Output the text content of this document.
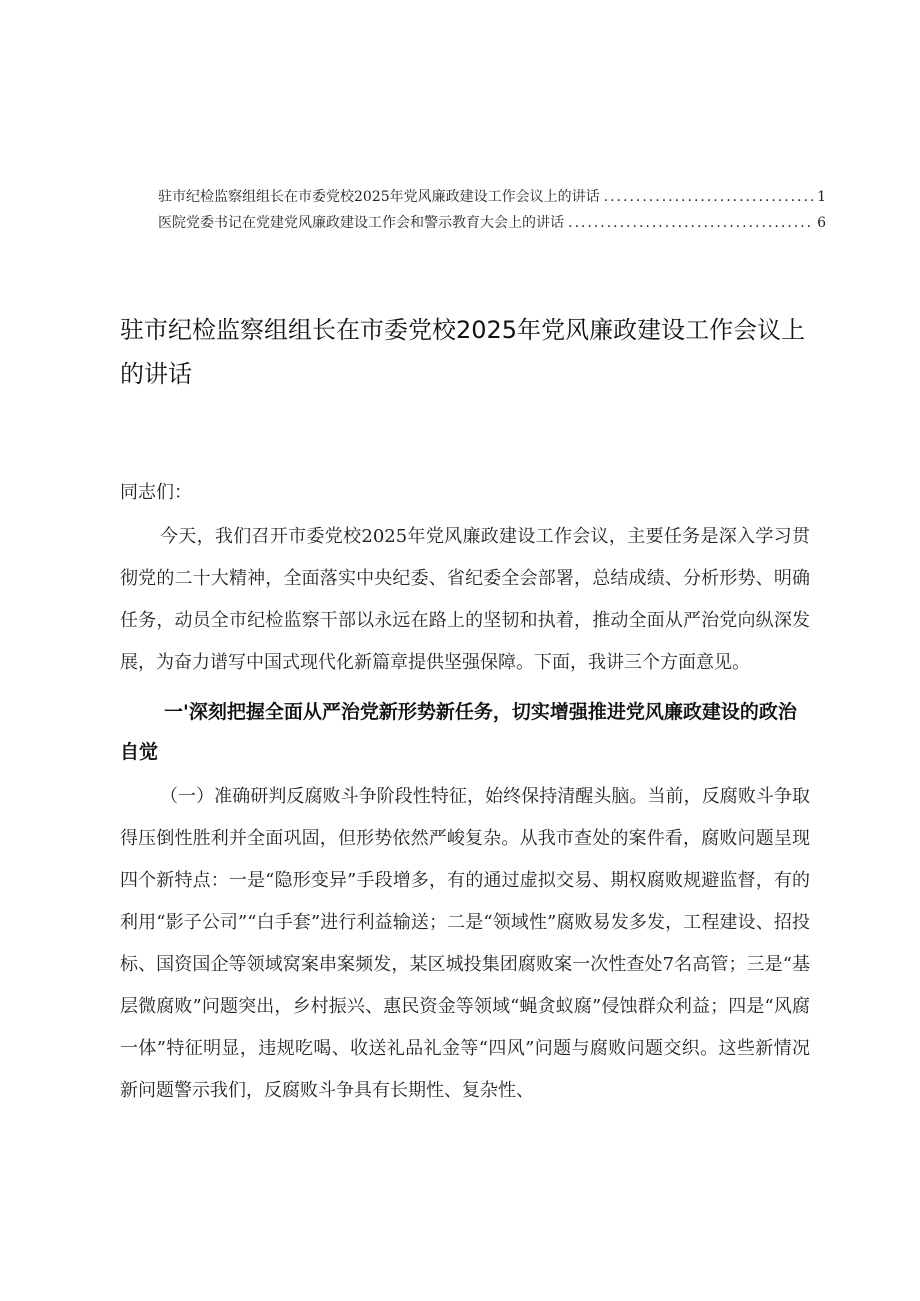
驻市纪检监察组组长在市委党校2025年党风廉政建设工作会议上的讲话 .....	1
医院党委书记在党建党风廉政建设工作会和警示教育大会上的讲话 .....	6
驻市纪检监察组组长在市委党校2025年党风廉政建设工作会议上的讲话
同志们：

今天，我们召开市委党校2025年党风廉政建设工作会议，主要任务是深入学习贯彻党的二十大精神，全面落实中央纪委、省纪委全会部署，总结成绩、分析形势、明确任务，动员全市纪检监察干部以永远在路上的坚韧和执着，推动全面从严治党向纵深发展，为奋力谱写中国式现代化新篇章提供坚强保障。下面，我讲三个方面意见。

一'深刻把握全面从严治党新形势新任务，切实增强推进党风廉政建设的政治自觉

（一）准确研判反腐败斗争阶段性特征，始终保持清醒头脑。当前，反腐败斗争取得压倒性胜利并全面巩固，但形势依然严峻复杂。从我市查处的案件看，腐败问题呈现四个新特点：一是“隐形变异”手段增多，有的通过虚拟交易、期权腐败规避监督，有的利用“影子公司”“白手套”进行利益输送；二是“领域性”腐败易发多发，工程建设、招投标、国资国企等领域窝案串案频发，某区城投集团腐败案一次性查处7名高管；三是“基层微腐败”问题突出，乡村振兴、惠民资金等领域“蝇贪蚁腐”侵蚀群众利益；四是“风腐一体”特征明显，违规吃喝、收送礼品礼金等“四风”问题与腐败问题交织。这些新情况新问题警示我们，反腐败斗争具有长期性、复杂性、
